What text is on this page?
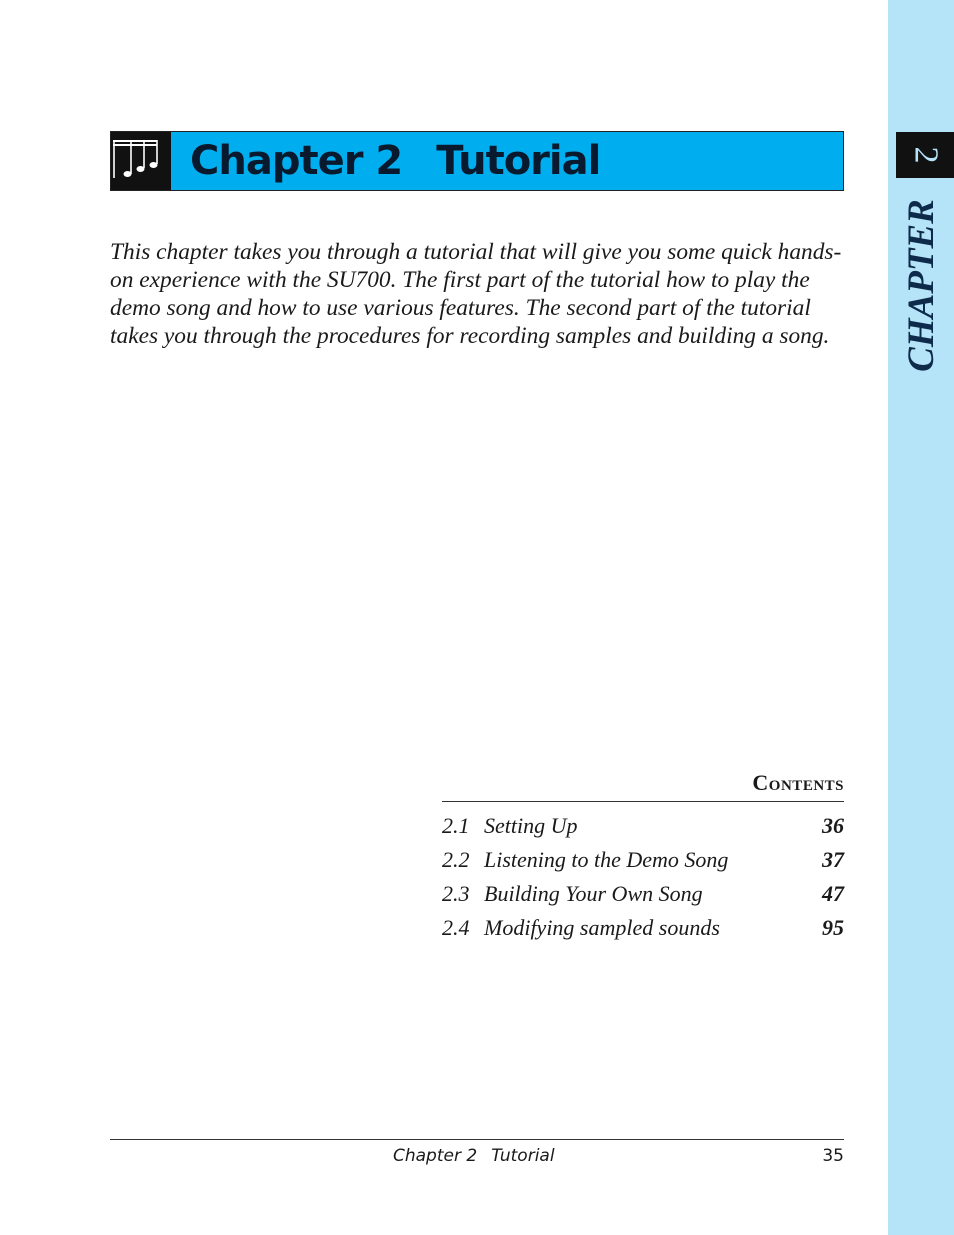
2
CHAPTER
Chapter 2 Tutorial
This chapter takes you through a tutorial that will give you some quick hands-on experience with the SU700. The first part of the tutorial how to play the demo song and how to use various features. The second part of the tutorial takes you through the procedures for recording samples and building a song.
Contents
2.1 Setting Up	36
2.2 Listening to the Demo Song	37
2.3 Building Your Own Song	47
2.4 Modifying sampled sounds	95
Chapter 2 Tutorial	35
